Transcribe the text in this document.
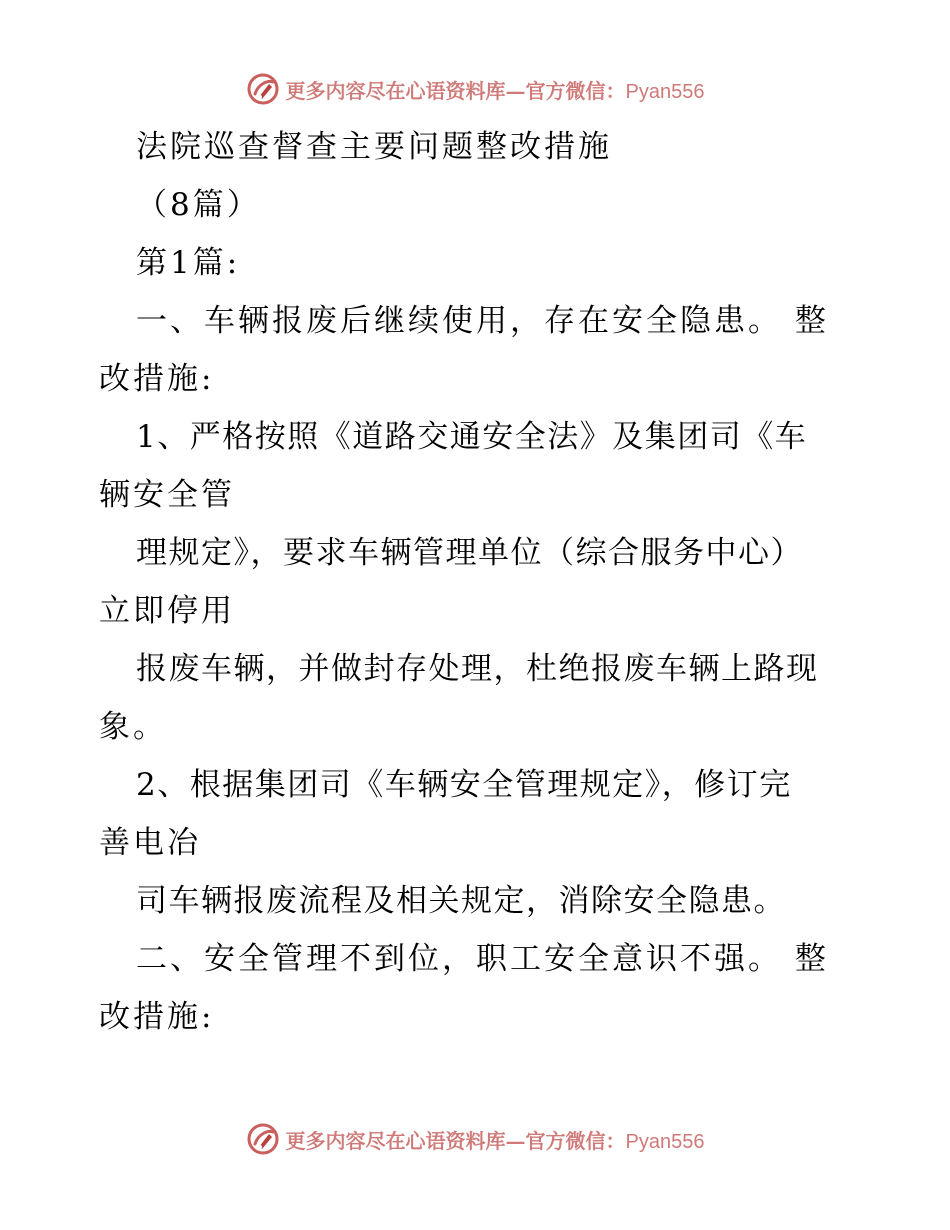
更多内容尽在心语资料库—官方微信：Pyan556
法院巡查督查主要问题整改措施
（8篇）
第1篇:
一、车辆报废后继续使用，存在安全隐患。 整
改措施:
1、严格按照《道路交通安全法》及集团司《车
辆安全管
理规定》，要求车辆管理单位（综合服务中心）
立即停用
报废车辆，并做封存处理，杜绝报废车辆上路现
象。
2、根据集团司《车辆安全管理规定》，修订完
善电冶
司车辆报废流程及相关规定，消除安全隐患。
二、安全管理不到位，职工安全意识不强。 整
改措施:
更多内容尽在心语资料库—官方微信：Pyan556
